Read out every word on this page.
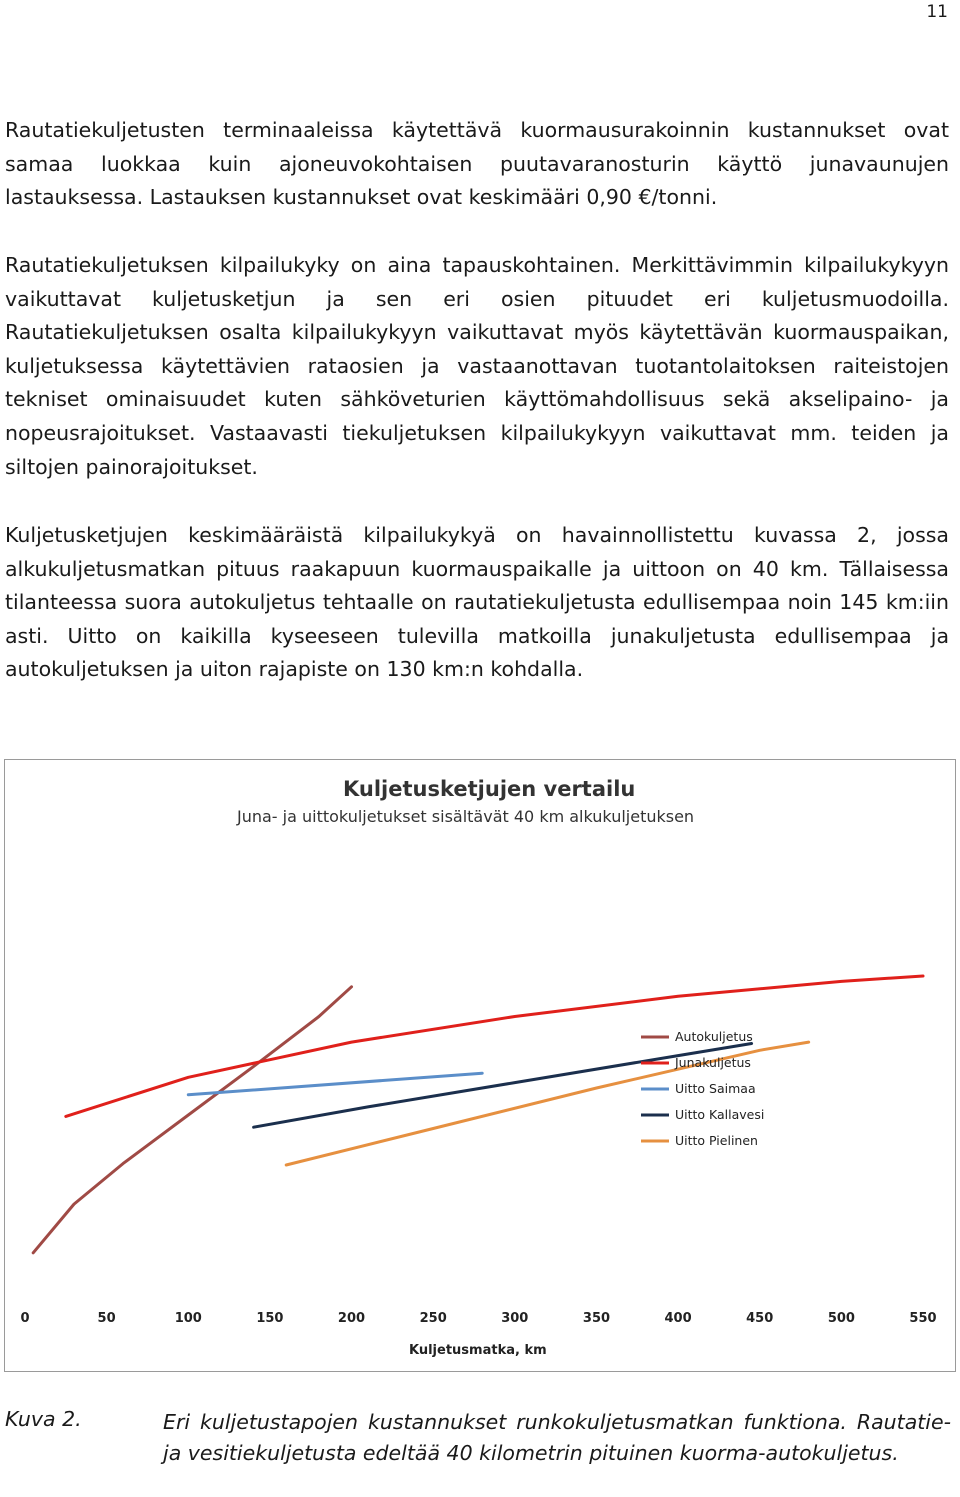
11

Rautatiekuljetusten terminaaleissa käytettävä kuormausurakoinnin kustannukset ovat samaa luokkaa kuin ajoneuvokohtaisen puutavaranosturin käyttö junavaunujen lastauksessa. Lastauksen kustannukset ovat keskimääri 0,90 €/tonni.

Rautatiekuljetuksen kilpailukyky on aina tapauskohtainen. Merkittävimmin kilpailukykyyn vaikuttavat kuljetusketjun ja sen eri osien pituudet eri kuljetusmuodoilla. Rautatiekuljetuksen osalta kilpailukykyyn vaikuttavat myös käytettävän kuormauspaikan, kuljetuksessa käytettävien rataosien ja vastaanottavan tuotantolaitoksen raiteistojen tekniset ominaisuudet kuten sähköveturien käyttömahdollisuus sekä akselipaino- ja nopeusrajoitukset. Vastaavasti tiekuljetuksen kilpailukykyyn vaikuttavat mm. teiden ja siltojen painorajoitukset.

Kuljetusketjujen keskimääräistä kilpailukykyä on havainnollistettu kuvassa 2, jossa alkukuljetusmatkan pituus raakapuun kuormauspaikalle ja uittoon on 40 km. Tällaisessa tilanteessa suora autokuljetus tehtaalle on rautatiekuljetusta edullisempaa noin 145 km:iin asti. Uitto on kaikilla kyseeseen tulevilla matkoilla junakuljetusta edullisempaa ja autokuljetuksen ja uiton rajapiste on 130 km:n kohdalla.

Kuljetusketjujen vertailu
Juna- ja uittokuljetukset sisältävät 40 km alkukuljetuksen
Autokuljetus
Junakuljetus
Uitto Saimaa
Uitto Kallavesi
Uitto Pielinen
0	50	100	150	200	250	300	350	400	450	500	550
Kuljetusmatka, km
Kuva 2.	Eri kuljetustapojen kustannukset runkokuljetusmatkan funktiona. Rautatie- ja vesitiekuljetusta edeltää 40 kilometrin pituinen kuorma-autokuljetus.
